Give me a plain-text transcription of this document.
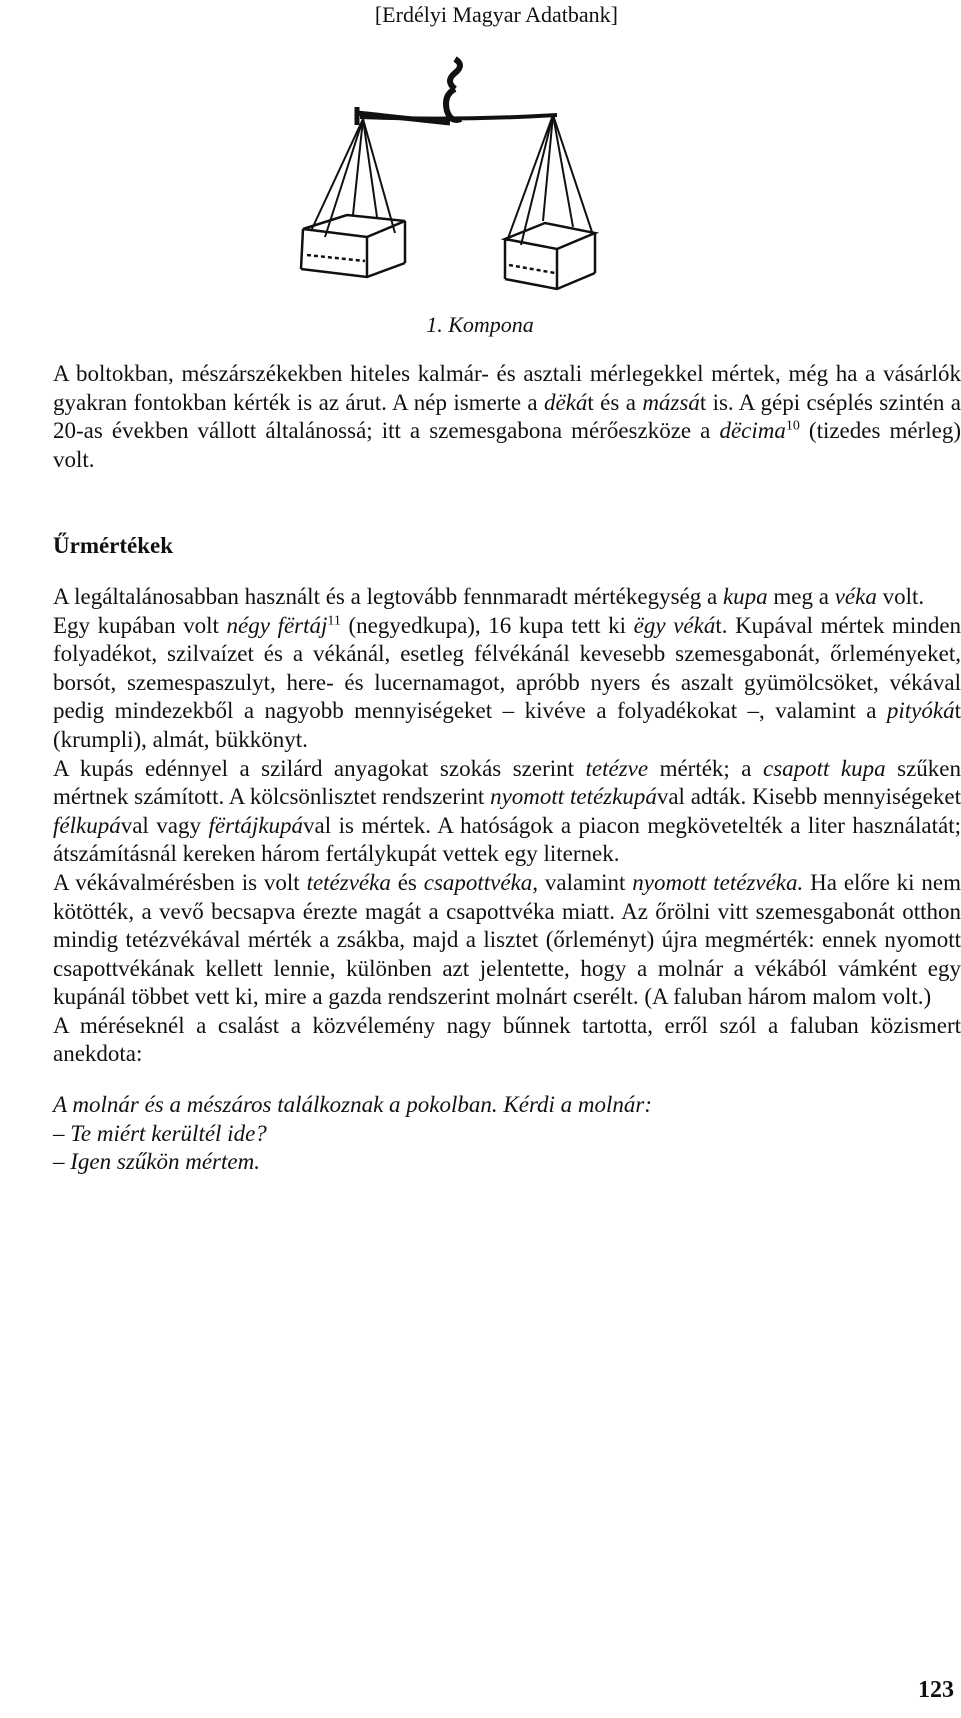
[Erdélyi Magyar Adatbank]
1. Kompona

A boltokban, mészárszékekben hiteles kalmár- és asztali mérlegekkel mértek, még ha a vásárlók gyakran fontokban kérték is az árut. A nép ismerte a dëkát és a mázsát is. A gépi cséplés szintén a 20-as években vállott általánossá; itt a szemesgabona mérőeszköze a dëcima$^{10}$ (tizedes mérleg) volt.

Űrmértékek

A legáltalánosabban használt és a legtovább fennmaradt mértékegység a kupa meg a véka volt.

Egy kupában volt négy fërtáj$^{11}$ (negyedkupa), 16 kupa tett ki ëgy vékát. Kupával mértek minden folyadékot, szilvaízet és a vékánál, esetleg félvékánál kevesebb szemesgabonát, őrleményeket, borsót, szemespaszulyt, here- és lucernamagot, apróbb nyers és aszalt gyümölcsöket, vékával pedig mindezekből a nagyobb mennyiségeket – kivéve a folyadékokat –, valamint a pityókát (krumpli), almát, bükkönyt.

A kupás edénnyel a szilárd anyagokat szokás szerint tetézve mérték; a csapott kupa szűken mértnek számított. A kölcsönlisztet rendszerint nyomott tetézkupával adták. Kisebb mennyiségeket félkupával vagy fërtájkupával is mértek. A hatóságok a piacon megkövetelték a liter használatát; átszámításnál kereken három fertálykupát vettek egy liternek.

A vékávalmérésben is volt tetézvéka és csapottvéka, valamint nyomott tetézvéka. Ha előre ki nem kötötték, a vevő becsapva érezte magát a csapottvéka miatt. Az őrölni vitt szemesgabonát otthon mindig tetézvékával mérték a zsákba, majd a lisztet (őrleményt) újra megmérték: ennek nyomott csapottvékának kellett lennie, különben azt jelentette, hogy a molnár a vékából vámként egy kupánál többet vett ki, mire a gazda rendszerint molnárt cserélt. (A faluban három malom volt.)

A méréseknél a csalást a közvélemény nagy bűnnek tartotta, erről szól a faluban közismert anekdota:

A molnár és a mészáros találkoznak a pokolban. Kérdi a molnár:

– Te miért kerültél ide?

– Igen szűkön mértem.

123
